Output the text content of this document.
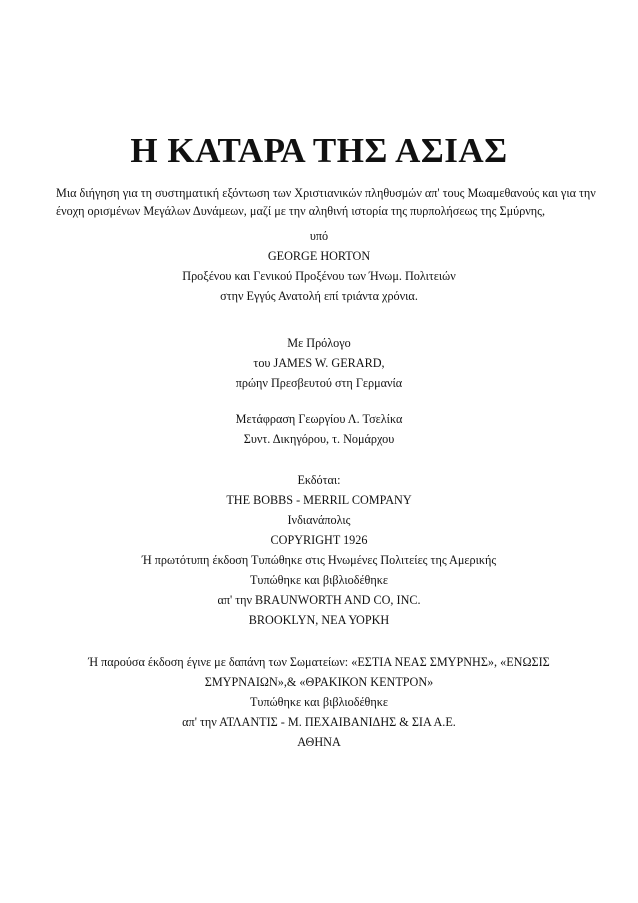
Η ΚΑΤΑΡΑ ΤΗΣ ΑΣΙΑΣ

Μια διήγηση για τη συστηματική εξόντωση των Χριστιανικών πληθυσμών απ' τους Μωαμεθανούς και για την
ένοχη ορισμένων Μεγάλων Δυνάμεων, μαζί με την αληθινή ιστορία της πυρπολήσεως της Σμύρνης,

υπό
GEORGE HORTON
Προξένου και Γενικού Προξένου των Ήνωμ. Πολιτειών
στην Εγγύς Ανατολή επί τριάντα χρόνια.
Με Πρόλογο
του JAMES W. GERARD,
πρώην Πρεσβευτού στη Γερμανία
Μετάφραση Γεωργίου Λ. Τσελίκα
Συντ. Δικηγόρου, τ. Νομάρχου
Εκδόται:
THE BOBBS - MERRIL COMPANY
Ινδιανάπολις
COPYRIGHT 1926
Ή πρωτότυπη έκδοση Τυπώθηκε στις Ηνωμένες Πολιτείες της Αμερικής
Τυπώθηκε και βιβλιοδέθηκε
απ' την BRAUNWORTH AND CO, INC.
BROOKLYN, ΝΕΑ ΥΟΡΚΗ
Ή παρούσα έκδοση έγινε με δαπάνη των Σωματείων: «ΕΣΤΙΑ ΝΕΑΣ ΣΜΥΡΝΗΣ», «ΕΝΩΣΙΣ
ΣΜΥΡΝΑΙΩΝ»,& «ΘΡΑΚΙΚΟΝ ΚΕΝΤΡΟΝ»
Τυπώθηκε και βιβλιοδέθηκε
απ' την ΑΤΛΑΝΤΙΣ - Μ. ΠΕΧΑΙΒΑΝΙΔΗΣ & ΣΙΑ Α.Ε.
ΑΘΗΝΑ
